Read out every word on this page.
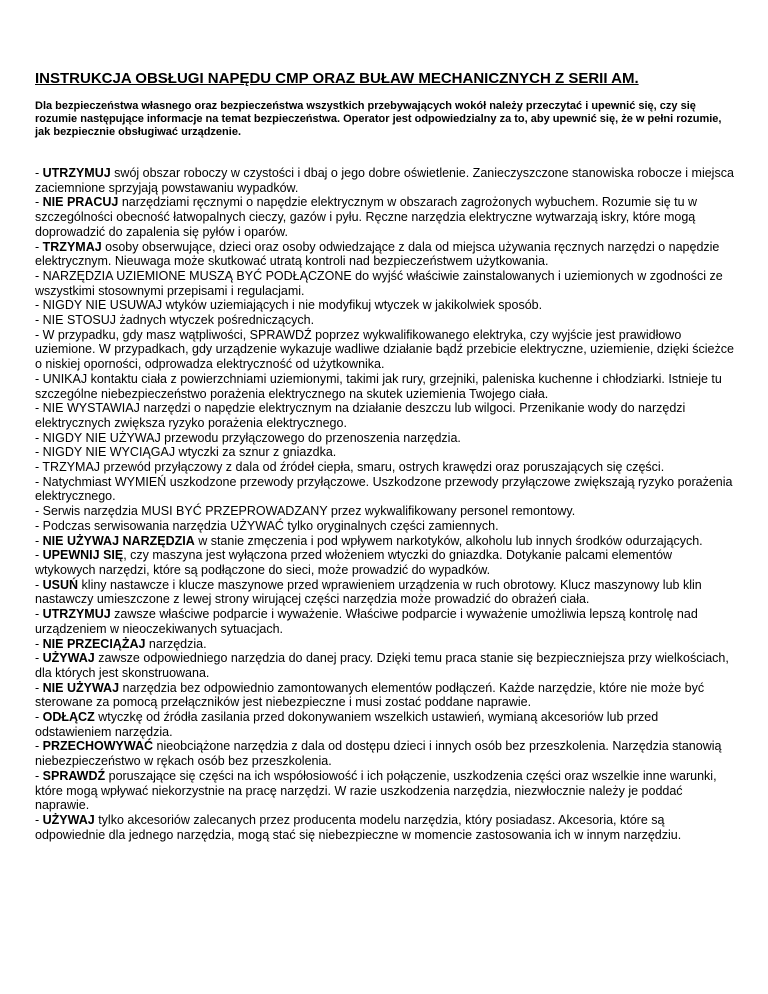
INSTRUKCJA OBSŁUGI NAPĘDU CMP ORAZ BUŁAW MECHANICZNYCH Z SERII AM.

Dla bezpieczeństwa własnego oraz bezpieczeństwa wszystkich przebywających wokół należy przeczytać i upewnić się, czy się rozumie następujące informacje na temat bezpieczeństwa. Operator jest odpowiedzialny za to, aby upewnić się, że w pełni rozumie, jak bezpiecznie obsługiwać urządzenie.

- UTRZYMUJ swój obszar roboczy w czystości i dbaj o jego dobre oświetlenie. Zanieczyszczone stanowiska robocze i miejsca zaciemnione sprzyjają powstawaniu wypadków.

- NIE PRACUJ narzędziami ręcznymi o napędzie elektrycznym w obszarach zagrożonych wybuchem. Rozumie się tu w szczególności obecność łatwopalnych cieczy, gazów i pyłu. Ręczne narzędzia elektryczne wytwarzają iskry, które mogą doprowadzić do zapalenia się pyłów i oparów.

- TRZYMAJ osoby obserwujące, dzieci oraz osoby odwiedzające z dala od miejsca używania ręcznych narzędzi o napędzie elektrycznym. Nieuwaga może skutkować utratą kontroli nad bezpieczeństwem użytkowania.

- NARZĘDZIA UZIEMIONE MUSZĄ BYĆ PODŁĄCZONE do wyjść właściwie zainstalowanych i uziemionych w zgodności ze wszystkimi stosownymi przepisami i regulacjami.

- NIGDY NIE USUWAJ wtyków uziemiających i nie modyfikuj wtyczek w jakikolwiek sposób.

- NIE STOSUJ żadnych wtyczek pośredniczących.

- W przypadku, gdy masz wątpliwości, SPRAWDŹ poprzez wykwalifikowanego elektryka, czy wyjście jest prawidłowo uziemione. W przypadkach, gdy urządzenie wykazuje wadliwe działanie bądź przebicie elektryczne, uziemienie, dzięki ścieżce o niskiej oporności, odprowadza elektryczność od użytkownika.

- UNIKAJ kontaktu ciała z powierzchniami uziemionymi, takimi jak rury, grzejniki, paleniska kuchenne i chłodziarki. Istnieje tu szczególne niebezpieczeństwo porażenia elektrycznego na skutek uziemienia Twojego ciała.

- NIE WYSTAWIAJ narzędzi o napędzie elektrycznym na działanie deszczu lub wilgoci. Przenikanie wody do narzędzi elektrycznych zwiększa ryzyko porażenia elektrycznego.

- NIGDY NIE UŻYWAJ przewodu przyłączowego do przenoszenia narzędzia.

- NIGDY NIE WYCIĄGAJ wtyczki za sznur z gniazdka.

- TRZYMAJ przewód przyłączowy z dala od źródeł ciepła, smaru, ostrych krawędzi oraz poruszających się części.

- Natychmiast WYMIEŃ uszkodzone przewody przyłączowe. Uszkodzone przewody przyłączowe zwiększają ryzyko porażenia elektrycznego.

- Serwis narzędzia MUSI BYĆ PRZEPROWADZANY przez wykwalifikowany personel remontowy.

- Podczas serwisowania narzędzia UŻYWAĆ tylko oryginalnych części zamiennych.

- NIE UŻYWAJ NARZĘDZIA w stanie zmęczenia i pod wpływem narkotyków, alkoholu lub innych środków odurzających.

- UPEWNIJ SIĘ, czy maszyna jest wyłączona przed włożeniem wtyczki do gniazdka. Dotykanie palcami elementów wtykowych narzędzi, które są podłączone do sieci, może prowadzić do wypadków.

- USUŃ kliny nastawcze i klucze maszynowe przed wprawieniem urządzenia w ruch obrotowy. Klucz maszynowy lub klin nastawczy umieszczone z lewej strony wirującej części narzędzia może prowadzić do obrażeń ciała.

- UTRZYMUJ zawsze właściwe podparcie i wyważenie. Właściwe podparcie i wyważenie umożliwia lepszą kontrolę nad urządzeniem w nieoczekiwanych sytuacjach.

- NIE PRZECIĄŻAJ narzędzia.

- UŻYWAJ zawsze odpowiedniego narzędzia do danej pracy. Dzięki temu praca stanie się bezpieczniejsza przy wielkościach, dla których jest skonstruowana.

- NIE UŻYWAJ narzędzia bez odpowiednio zamontowanych elementów podłączeń. Każde narzędzie, które nie może być sterowane za pomocą przełączników jest niebezpieczne i musi zostać poddane naprawie.

- ODŁĄCZ wtyczkę od źródła zasilania przed dokonywaniem wszelkich ustawień, wymianą akcesoriów lub przed odstawieniem narzędzia.

- PRZECHOWYWAĆ nieobciążone narzędzia z dala od dostępu dzieci i innych osób bez przeszkolenia. Narzędzia stanowią niebezpieczeństwo w rękach osób bez przeszkolenia.

- SPRAWDŹ poruszające się części na ich współosiowość i ich połączenie, uszkodzenia części oraz wszelkie inne warunki, które mogą wpływać niekorzystnie na pracę narzędzi. W razie uszkodzenia narzędzia, niezwłocznie należy je poddać naprawie.

- UŻYWAJ tylko akcesoriów zalecanych przez producenta modelu narzędzia, który posiadasz. Akcesoria, które są odpowiednie dla jednego narzędzia, mogą stać się niebezpieczne w momencie zastosowania ich w innym narzędziu.
